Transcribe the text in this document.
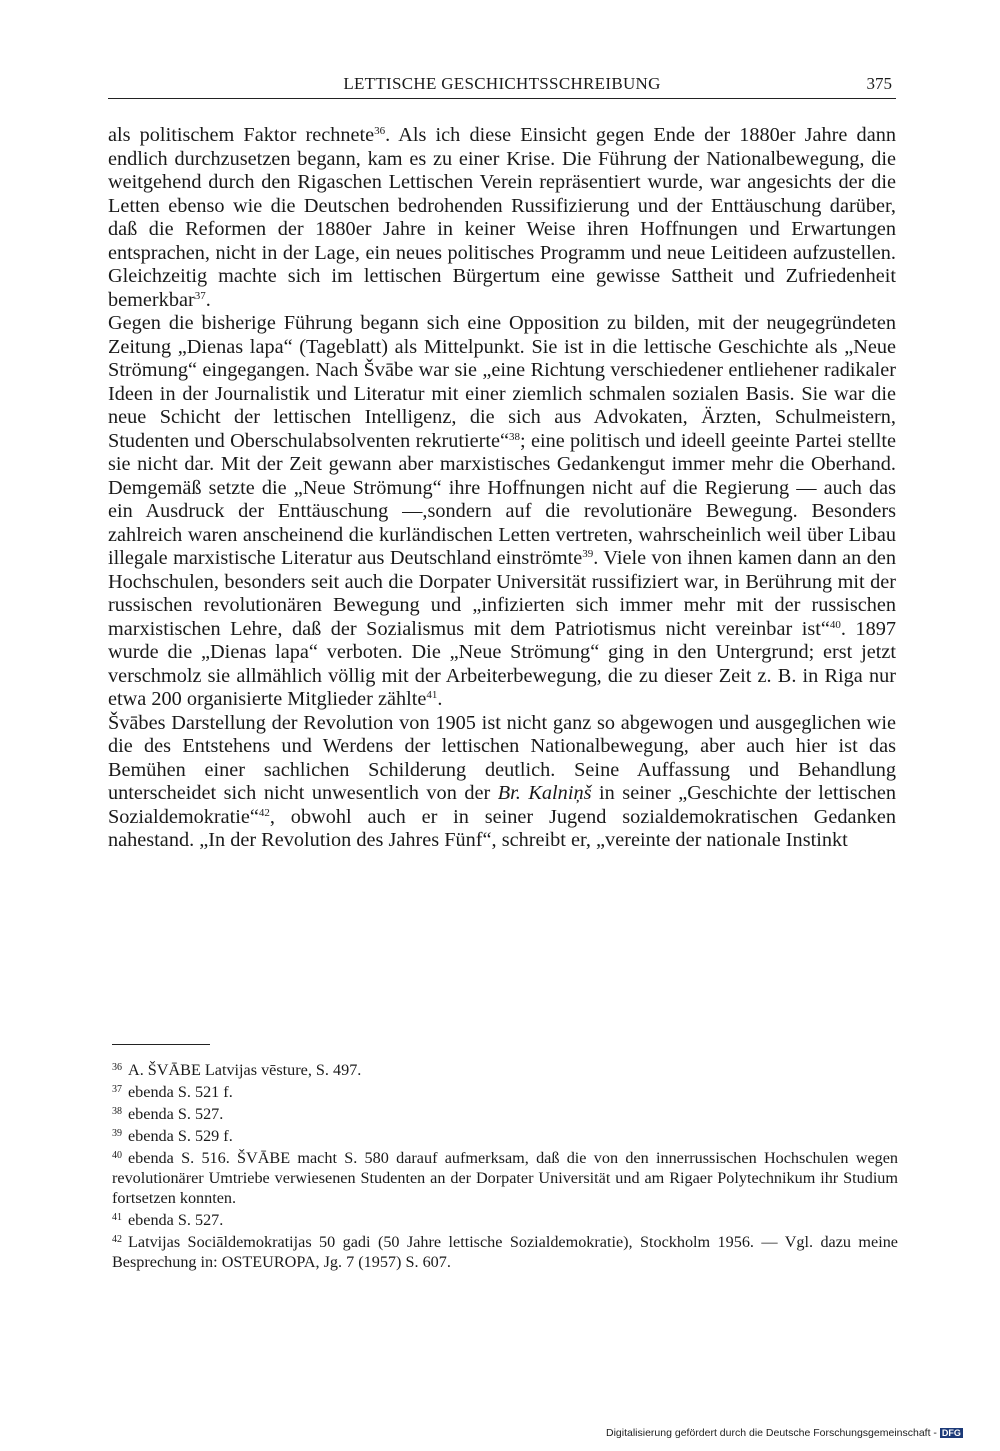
LETTISCHE GESCHICHTSSCHREIBUNG	375

als politischem Faktor rechnete$^{36}$. Als ich diese Einsicht gegen Ende der 1880er Jahre dann endlich durchzusetzen begann, kam es zu einer Krise. Die Führung der Nationalbewegung, die weitgehend durch den Rigaschen Lettischen Verein repräsentiert wurde, war angesichts der die Letten ebenso wie die Deutschen bedrohenden Russifizierung und der Enttäuschung darüber, daß die Reformen der 1880er Jahre in keiner Weise ihren Hoffnungen und Erwartungen entsprachen, nicht in der Lage, ein neues politisches Programm und neue Leitideen aufzustellen. Gleichzeitig machte sich im lettischen Bürgertum eine gewisse Sattheit und Zufriedenheit bemerkbar$^{37}$.

Gegen die bisherige Führung begann sich eine Opposition zu bilden, mit der neugegründeten Zeitung „Dienas lapa“ (Tageblatt) als Mittelpunkt. Sie ist in die lettische Geschichte als „Neue Strömung“ eingegangen. Nach Švābe war sie „eine Richtung verschiedener entliehener radikaler Ideen in der Journalistik und Literatur mit einer ziemlich schmalen sozialen Basis. Sie war die neue Schicht der lettischen Intelligenz, die sich aus Advokaten, Ärzten, Schulmeistern, Studenten und Oberschulabsolventen rekrutierte“$^{38}$; eine politisch und ideell geeinte Partei stellte sie nicht dar. Mit der Zeit gewann aber marxistisches Gedankengut immer mehr die Oberhand. Demgemäß setzte die „Neue Strömung“ ihre Hoffnungen nicht auf die Regierung — auch das ein Ausdruck der Enttäuschung —,sondern auf die revolutionäre Bewegung. Besonders zahlreich waren anscheinend die kurländischen Letten vertreten, wahrscheinlich weil über Libau illegale marxistische Literatur aus Deutschland einströmte$^{39}$. Viele von ihnen kamen dann an den Hochschulen, besonders seit auch die Dorpater Universität russifiziert war, in Berührung mit der russischen revolutionären Bewegung und „infizierten sich immer mehr mit der russischen marxistischen Lehre, daß der Sozialismus mit dem Patriotismus nicht vereinbar ist“$^{40}$. 1897 wurde die „Dienas lapa“ verboten. Die „Neue Strömung“ ging in den Untergrund; erst jetzt verschmolz sie allmählich völlig mit der Arbeiterbewegung, die zu dieser Zeit z. B. in Riga nur etwa 200 organisierte Mitglieder zählte$^{41}$.

Švābes Darstellung der Revolution von 1905 ist nicht ganz so abgewogen und ausgeglichen wie die des Entstehens und Werdens der lettischen Nationalbewegung, aber auch hier ist das Bemühen einer sachlichen Schilderung deutlich. Seine Auffassung und Behandlung unterscheidet sich nicht unwesentlich von der Br. Kalniņš in seiner „Geschichte der lettischen Sozialdemokratie“$^{42}$, obwohl auch er in seiner Jugend sozialdemokratischen Gedanken nahestand. „In der Revolution des Jahres Fünf“, schreibt er, „vereinte der nationale Instinkt

$^{36}$ A. ŠVĀBE Latvijas vēsture, S. 497.
$^{37}$ ebenda S. 521 f.
$^{38}$ ebenda S. 527.
$^{39}$ ebenda S. 529 f.
$^{40}$ ebenda S. 516. ŠVĀBE macht S. 580 darauf aufmerksam, daß die von den innerrussischen Hochschulen wegen revolutionärer Umtriebe verwiesenen Studenten an der Dorpater Universität und am Rigaer Polytechnikum ihr Studium fortsetzen konnten.
$^{41}$ ebenda S. 527.
$^{42}$ Latvijas Sociāldemokratijas 50 gadi (50 Jahre lettische Sozialdemokratie), Stockholm 1956. — Vgl. dazu meine Besprechung in: OSTEUROPA, Jg. 7 (1957) S. 607.
Digitalisierung gefördert durch die Deutsche Forschungsgemeinschaft - DFG
